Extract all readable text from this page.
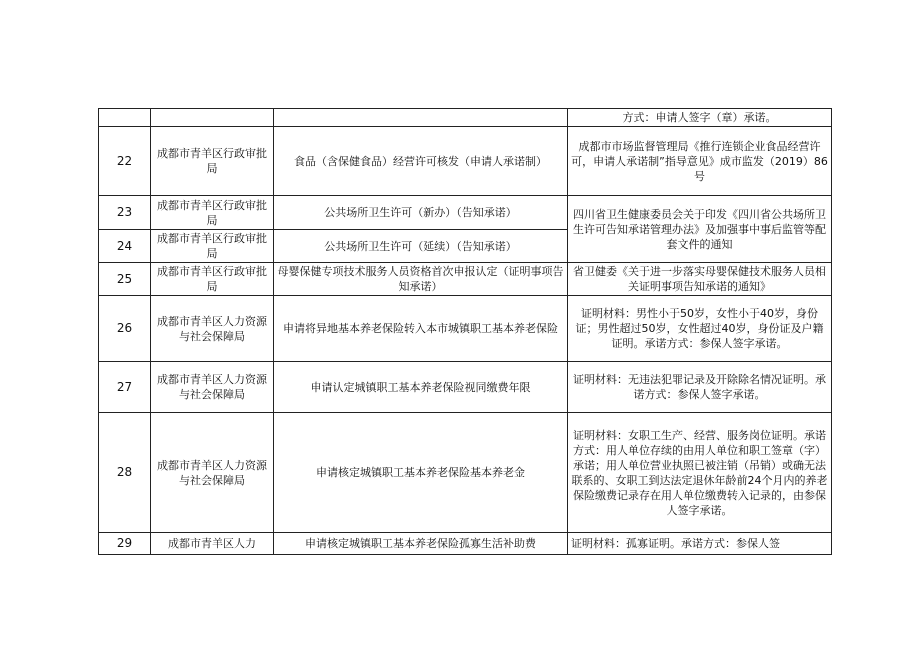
			方式：申请人签字（章）承诺。
22	成都市青羊区行政审批局	食品（含保健食品）经营许可核发（申请人承诺制）	成都市市场监督管理局《推行连锁企业食品经营许可，申请人承诺制”指导意见》成市监发（2019）86号
23	成都市青羊区行政审批局	公共场所卫生许可（新办）（告知承诺）	四川省卫生健康委员会关于印发《四川省公共场所卫生许可告知承诺管理办法》及加强事中事后监管等配套文件的通知
24	成都市青羊区行政审批局	公共场所卫生许可（延续）（告知承诺）	
25	成都市青羊区行政审批局	母婴保健专项技术服务人员资格首次申报认定（证明事项告知承诺）	省卫健委《关于进一步落实母婴保健技术服务人员相关证明事项告知承诺的通知》
26	成都市青羊区人力资源与社会保障局	申请将异地基本养老保险转入本市城镇职工基本养老保险	证明材料：男性小于50岁，女性小于40岁，身份证；男性超过50岁，女性超过40岁，身份证及户籍证明。承诺方式：参保人签字承诺。
27	成都市青羊区人力资源与社会保障局	申请认定城镇职工基本养老保险视同缴费年限	证明材料：无违法犯罪记录及开除除名情况证明。承诺方式：参保人签字承诺。
28	成都市青羊区人力资源与社会保障局	申请核定城镇职工基本养老保险基本养老金	证明材料：女职工生产、经营、服务岗位证明。承诺方式：用人单位存续的由用人单位和职工签章（字）承诺；用人单位营业执照已被注销（吊销）或确无法联系的、女职工到达法定退休年龄前24个月内的养老保险缴费记录存在用人单位缴费转入记录的，由参保人签字承诺。
29	成都市青羊区人力	申请核定城镇职工基本养老保险孤寡生活补助费	证明材料：孤寡证明。承诺方式：参保人签
